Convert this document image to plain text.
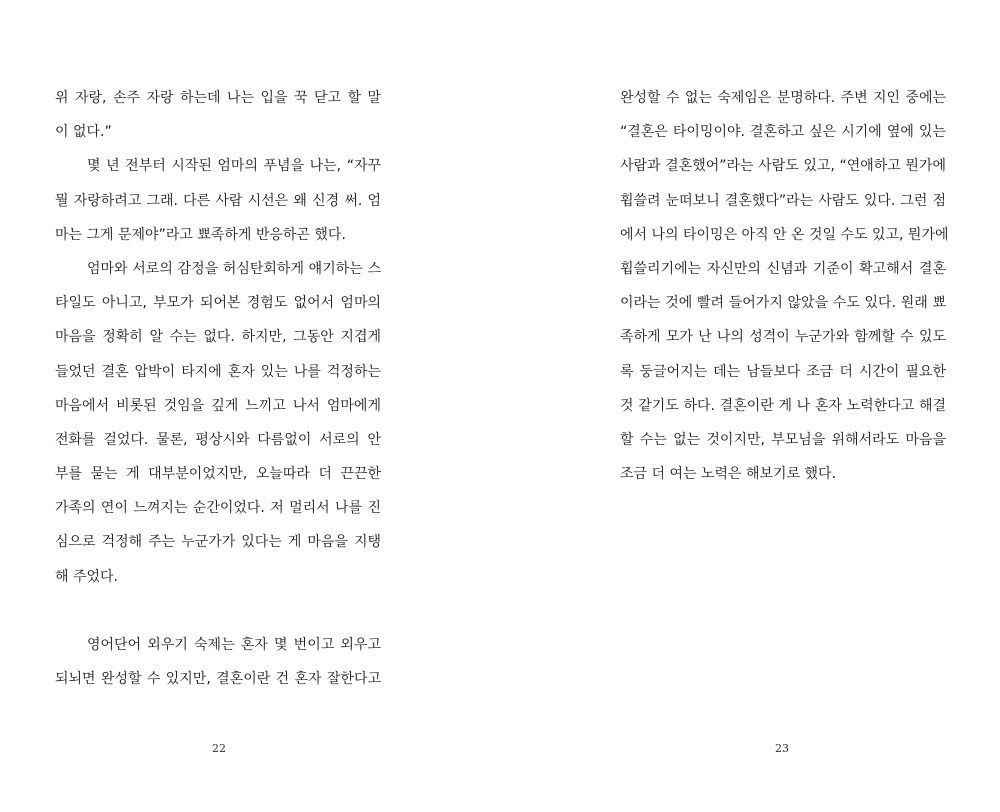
위 자랑, 손주 자랑 하는데 나는 입을 꾹 닫고 할 말
이 없다.”
몇 년 전부터 시작된 엄마의 푸념을 나는, “자꾸
뭘 자랑하려고 그래. 다른 사람 시선은 왜 신경 써. 엄
마는 그게 문제야”라고 뾰족하게 반응하곤 했다.
엄마와 서로의 감정을 허심탄회하게 얘기하는 스
타일도 아니고, 부모가 되어본 경험도 없어서 엄마의
마음을 정확히 알 수는 없다. 하지만, 그동안 지겹게
들었던 결혼 압박이 타지에 혼자 있는 나를 걱정하는
마음에서 비롯된 것임을 깊게 느끼고 나서 엄마에게
전화를 걸었다. 물론, 평상시와 다름없이 서로의 안
부를 묻는 게 대부분이었지만, 오늘따라 더 끈끈한
가족의 연이 느껴지는 순간이었다. 저 멀리서 나를 진
심으로 걱정해 주는 누군가가 있다는 게 마음을 지탱
해 주었다.
영어단어 외우기 숙제는 혼자 몇 번이고 외우고
되뇌면 완성할 수 있지만, 결혼이란 건 혼자 잘한다고
22
완성할 수 없는 숙제임은 분명하다. 주변 지인 중에는
“결혼은 타이밍이야. 결혼하고 싶은 시기에 옆에 있는
사람과 결혼했어”라는 사람도 있고, “연애하고 뭔가에
휩쓸려 눈떠보니 결혼했다”라는 사람도 있다. 그런 점
에서 나의 타이밍은 아직 안 온 것일 수도 있고, 뭔가에
휩쓸리기에는 자신만의 신념과 기준이 확고해서 결혼
이라는 것에 빨려 들어가지 않았을 수도 있다. 원래 뾰
족하게 모가 난 나의 성격이 누군가와 함께할 수 있도
록 둥글어지는 데는 남들보다 조금 더 시간이 필요한
것 같기도 하다. 결혼이란 게 나 혼자 노력한다고 해결
할 수는 없는 것이지만, 부모님을 위해서라도 마음을
조금 더 여는 노력은 해보기로 했다.
23
